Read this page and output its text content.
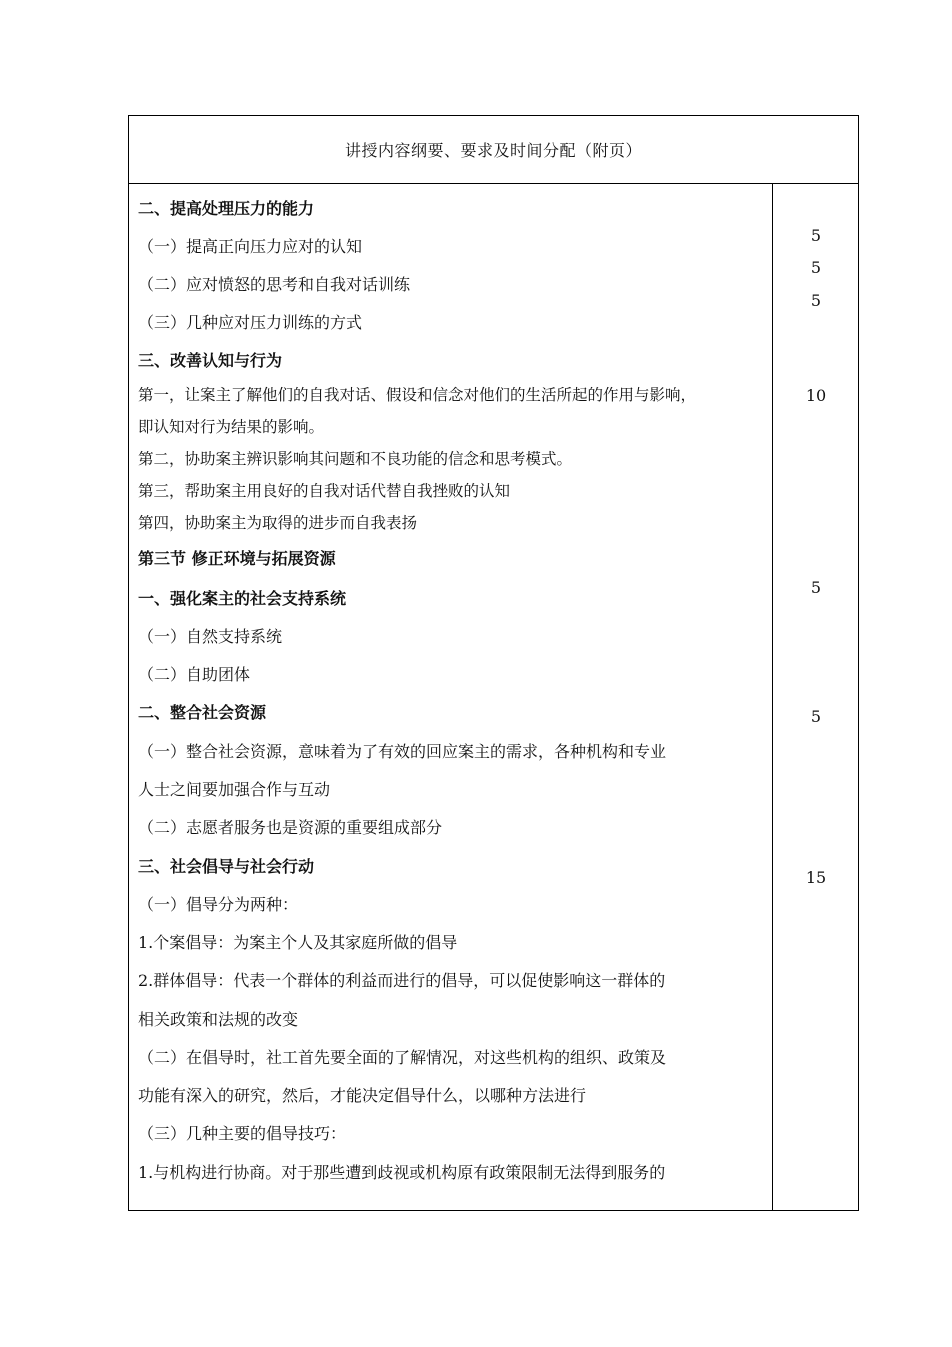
讲授内容纲要、要求及时间分配（附页）
二、提高处理压力的能力
（一）提高正向压力应对的认知
（二）应对愤怒的思考和自我对话训练
（三）几种应对压力训练的方式
三、改善认知与行为
第一，让案主了解他们的自我对话、假设和信念对他们的生活所起的作用与影响，
即认知对行为结果的影响。
第二，协助案主辨识影响其问题和不良功能的信念和思考模式。
第三，帮助案主用良好的自我对话代替自我挫败的认知
第四，协助案主为取得的进步而自我表扬
第三节 修正环境与拓展资源
一、强化案主的社会支持系统
（一）自然支持系统
（二）自助团体
二、整合社会资源
（一）整合社会资源，意味着为了有效的回应案主的需求，各种机构和专业
人士之间要加强合作与互动
（二）志愿者服务也是资源的重要组成部分
三、社会倡导与社会行动
（一）倡导分为两种：
1.个案倡导：为案主个人及其家庭所做的倡导
2.群体倡导：代表一个群体的利益而进行的倡导，可以促使影响这一群体的
相关政策和法规的改变
（二）在倡导时，社工首先要全面的了解情况，对这些机构的组织、政策及
功能有深入的研究，然后，才能决定倡导什么，以哪种方法进行
（三）几种主要的倡导技巧：
1.与机构进行协商。对于那些遭到歧视或机构原有政策限制无法得到服务的
5
5
5
10
5
5
15
